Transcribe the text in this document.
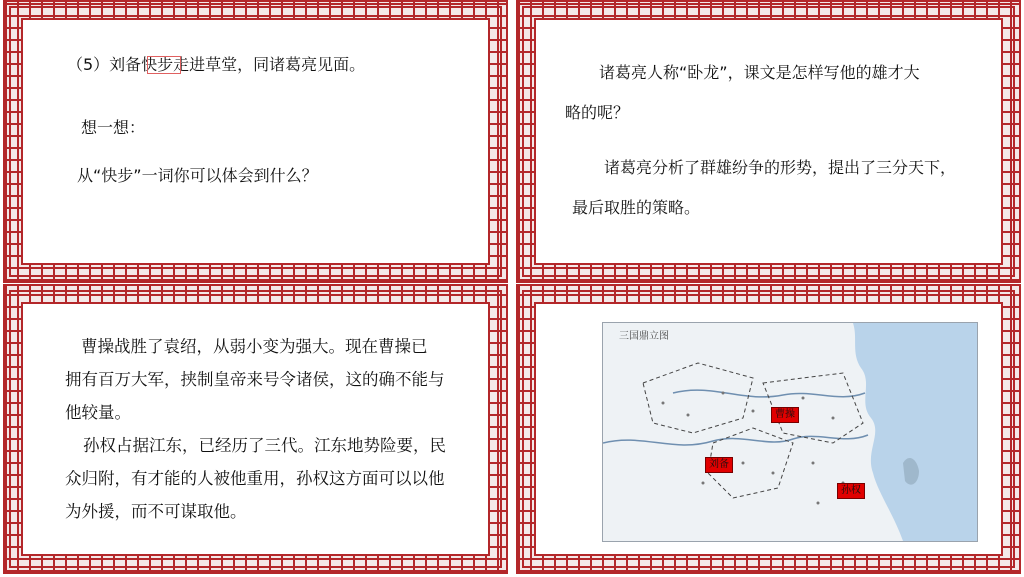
（5）刘备快步走进草堂，同诸葛亮见面。
想一想：
从“快步”一词你可以体会到什么？
诸葛亮人称“卧龙”，课文是怎样写他的雄才大
略的呢？
诸葛亮分析了群雄纷争的形势，提出了三分天下，
最后取胜的策略。
曹操战胜了袁绍，从弱小变为强大。现在曹操已
拥有百万大军，挟制皇帝来号令诸侯，这的确不能与
他较量。
孙权占据江东，已经历了三代。江东地势险要，民
众归附，有才能的人被他重用，孙权这方面可以以他
为外援，而不可谋取他。
三国鼎立图
曹操
刘备
孙权
